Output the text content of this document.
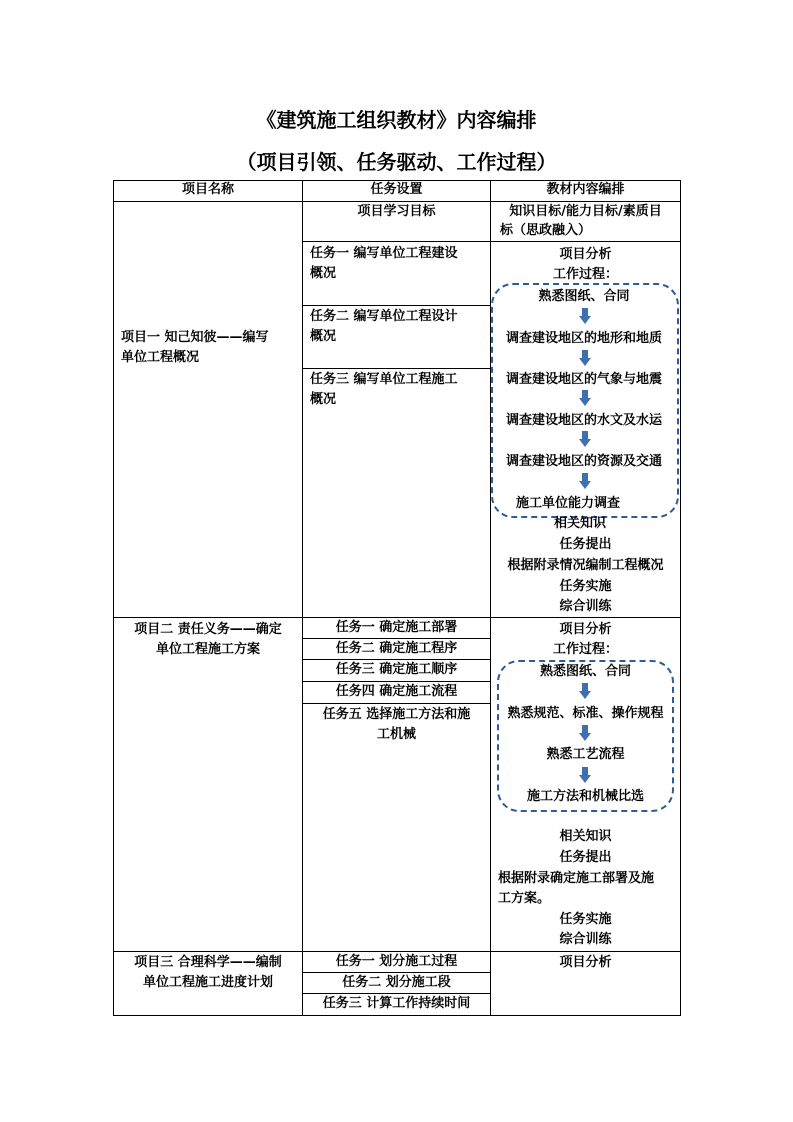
《建筑施工组织教材》内容编排
（项目引领、任务驱动、工作过程）
项目名称	任务设置	教材内容编排
项目一 知己知彼——编写
单位工程概况
项目学习目标
任务一 编写单位工程建设
概况
任务二 编写单位工程设计
概况
任务三 编写单位工程施工
概况
知识目标/能力目标/素质目
标（思政融入）
项目分析
工作过程：
熟悉图纸、合同
调查建设地区的地形和地质
调查建设地区的气象与地震
调查建设地区的水文及水运
调查建设地区的资源及交通
施工单位能力调查
相关知识
任务提出
根据附录情况编制工程概况
任务实施
综合训练
项目二 责任义务——确定
单位工程施工方案
任务一 确定施工部署
任务二 确定施工程序
任务三 确定施工顺序
任务四 确定施工流程
任务五 选择施工方法和施
工机械
项目分析
工作过程：
熟悉图纸、合同
熟悉规范、标准、操作规程
熟悉工艺流程
施工方法和机械比选
相关知识
任务提出
根据附录确定施工部署及施
工方案。
任务实施
综合训练
项目三 合理科学——编制
单位工程施工进度计划
任务一 划分施工过程
任务二 划分施工段
任务三 计算工作持续时间
项目分析
